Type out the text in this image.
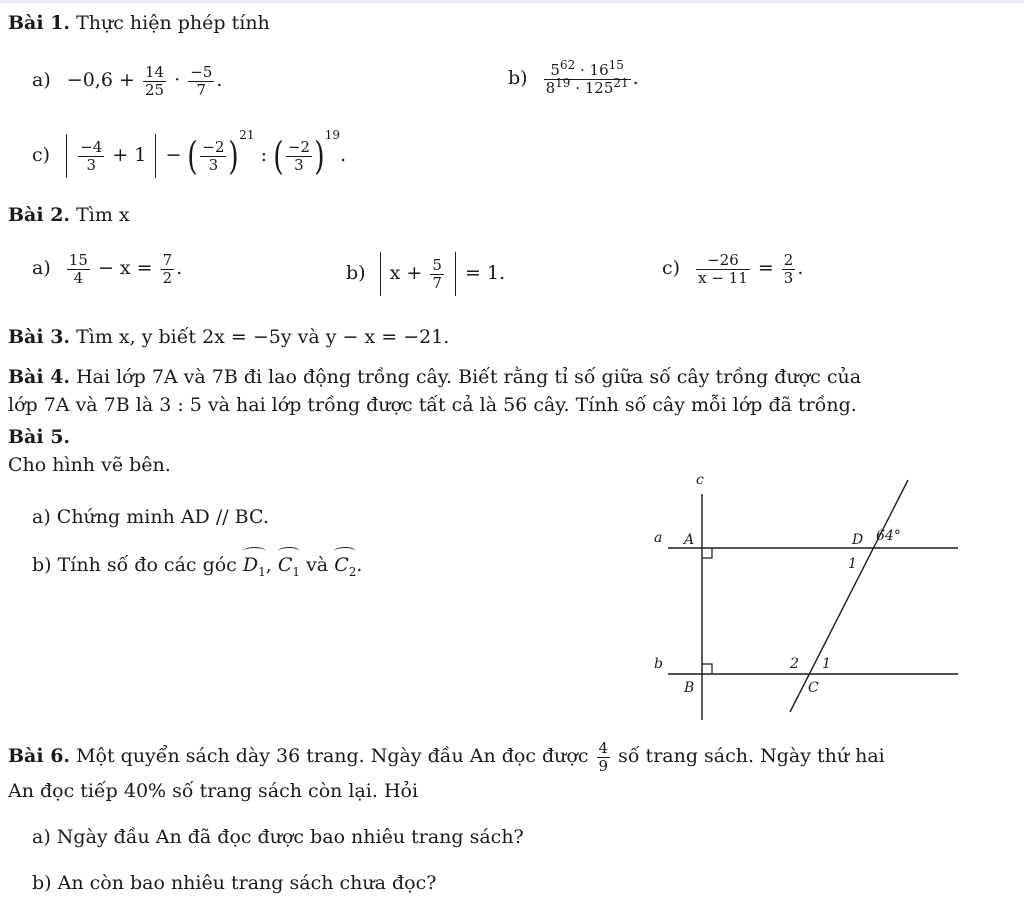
Bài 1. Thực hiện phép tính
$a) -0,6 + \frac{14}{25} \cdot \frac{-5}{7}$ .	$b) \frac{5^{62} \cdot 16^{15}}{8^{19} \cdot 125^{21}}$ .
$c) \frac{-4}{3} + 1$ − ( $\frac{-2}{3} )^{21}$ : ( $\frac{-2}{3} )^{19}$.
Bài 2. Tìm x
$a) \frac{15}{4} - x = \frac{7}{2}$ .	b) $x + \frac{5}{7} = 1$.	$c) \frac{-26}{x - 11} = \frac{2}{3}$ .
Bài 3. Tìm x, y biết 2x = −5y và y − x = −21.
Bài 4. Hai lớp 7A và 7B đi lao động trồng cây. Biết rằng tỉ số giữa số cây trồng được của
lớp 7A và 7B là 3 : 5 và hai lớp trồng được tất cả là 56 cây. Tính số cây mỗi lớp đã trồng.
Bài 5.
Cho hình vẽ bên.
a) Chứng minh AD // BC.
b) Tính số đo các góc $D_1$, $C_1$ và $C_2$.
c
a
b
A
B
D
C
64°
1
2 1
Bài 6. Một quyển sách dày 36 trang. Ngày đầu An đọc được $\frac{4}{9}$ số trang sách. Ngày thứ hai
An đọc tiếp 40% số trang sách còn lại. Hỏi
a) Ngày đầu An đã đọc được bao nhiêu trang sách?
b) An còn bao nhiêu trang sách chưa đọc?
